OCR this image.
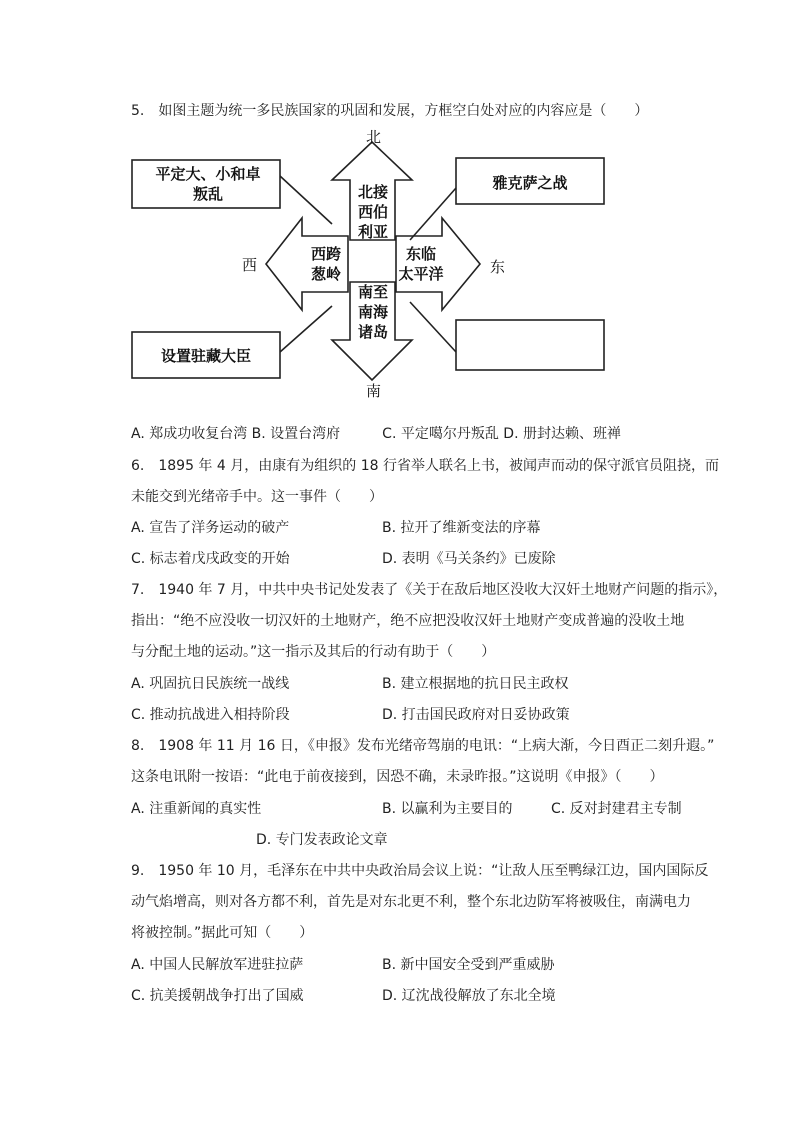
5.　如图主题为统一多民族国家的巩固和发展，方框空白处对应的内容应是（　　）
北
南
西	东
平定大、小和卓
叛乱
雅克萨之战
设置驻藏大臣
北接
西伯
利亚
西跨
葱岭
东临
太平洋
南至
南海
诸岛
A. 郑成功收复台湾 B. 设置台湾府　　　C. 平定噶尔丹叛乱 D. 册封达赖、班禅
6.　1895 年 4 月，由康有为组织的 18 行省举人联名上书，被闻声而动的保守派官员阻挠，而
未能交到光绪帝手中。这一事件（　　）
A. 宣告了洋务运动的破产	B. 拉开了维新变法的序幕
C. 标志着戊戌政变的开始	D. 表明《马关条约》已废除
7.　1940 年 7 月，中共中央书记处发表了《关于在敌后地区没收大汉奸土地财产问题的指示》，
指出：“绝不应没收一切汉奸的土地财产，绝不应把没收汉奸土地财产变成普遍的没收土地
与分配土地的运动。”这一指示及其后的行动有助于（　　）
A. 巩固抗日民族统一战线	B. 建立根据地的抗日民主政权
C. 推动抗战进入相持阶段	D. 打击国民政府对日妥协政策
8.　1908 年 11 月 16 日，《申报》发布光绪帝驾崩的电讯：“上病大渐，今日酉正二刻升遐。”
这条电讯附一按语：“此电于前夜接到，因恐不确，未录昨报。”这说明《申报》（　　）
A. 注重新闻的真实性	B. 以赢利为主要目的	C. 反对封建君主专制
D. 专门发表政论文章
9.　1950 年 10 月，毛泽东在中共中央政治局会议上说：“让敌人压至鸭绿江边，国内国际反
动气焰增高，则对各方都不利，首先是对东北更不利，整个东北边防军将被吸住，南满电力
将被控制。”据此可知（　　）
A. 中国人民解放军进驻拉萨	B. 新中国安全受到严重威胁
C. 抗美援朝战争打出了国威	D. 辽沈战役解放了东北全境
